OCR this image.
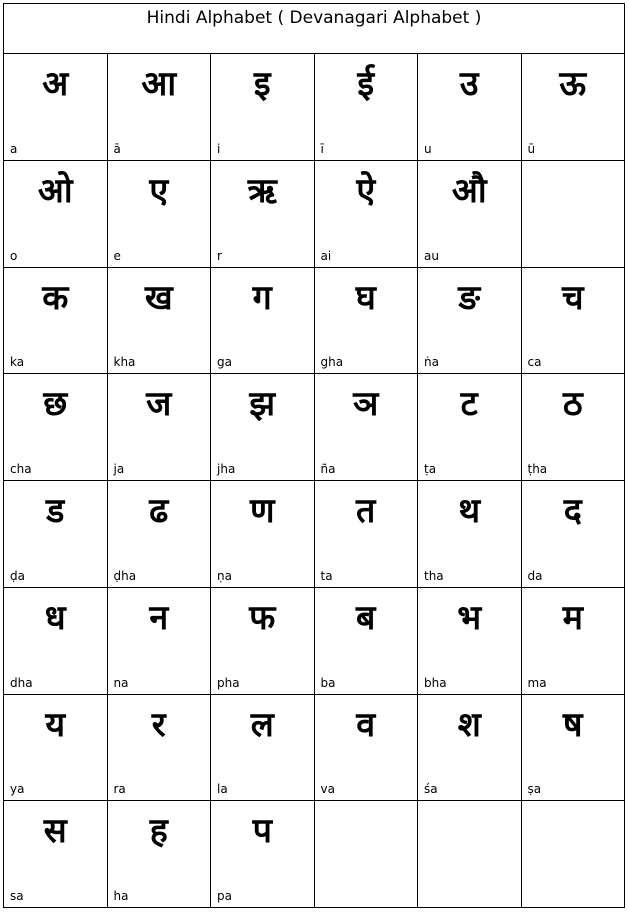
Hindi Alphabet ( Devanagari Alphabet )
अ
a
आ
ā
इ
i
ई
ī
उ
u
ऊ
ū
ओ
o
ए
e
ऋ
r
ऐ
ai
औ
au
क
ka
ख
kha
ग
ga
घ
gha
ङ
ṅa
च
ca
छ
cha
ज
ja
झ
jha
ञ
ña
ट
ṭa
ठ
ṭha
ड
ḍa
ढ
ḍha
ण
ṇa
त
ta
थ
tha
द
da
ध
dha
न
na
फ
pha
ब
ba
भ
bha
म
ma
य
ya
र
ra
ल
la
व
va
श
śa
ष
ṣa
स
sa
ह
ha
प
pa
